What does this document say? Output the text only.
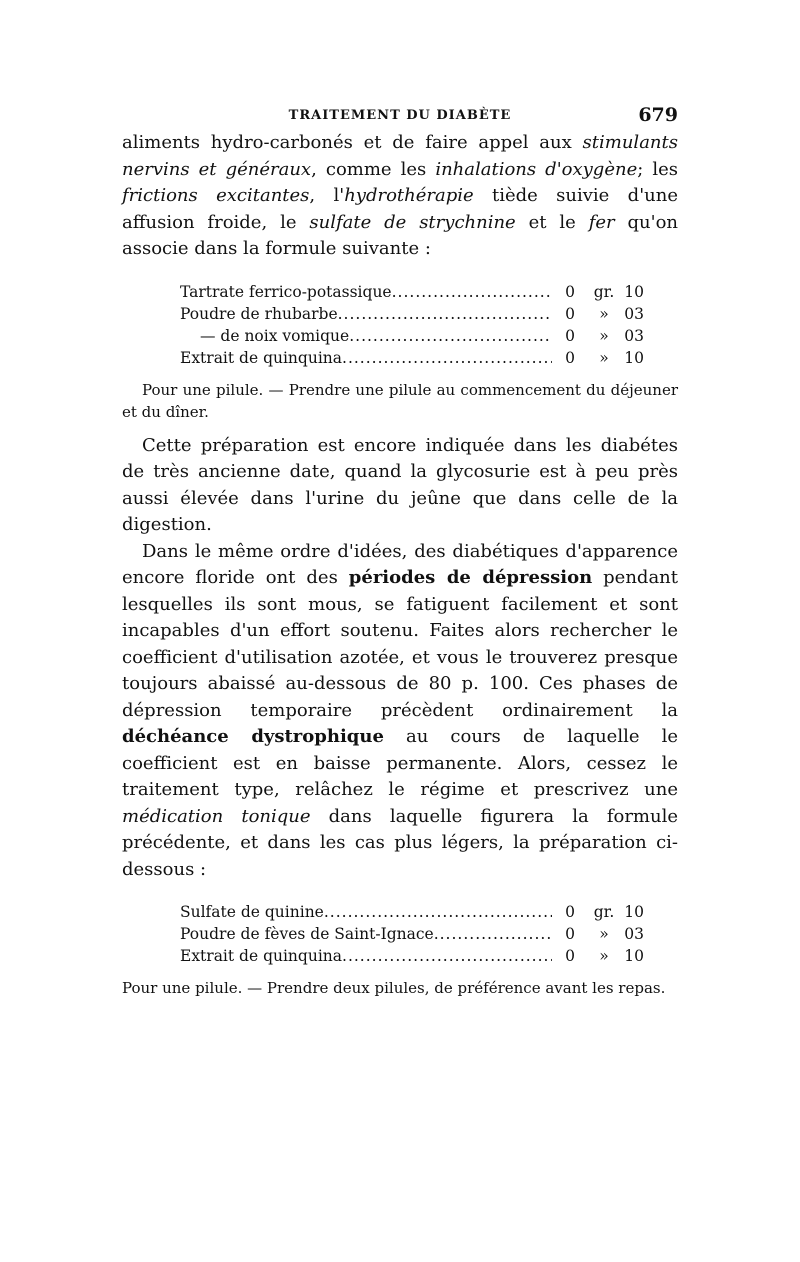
TRAITEMENT DU DIABÈTE	679

aliments hydro-carbonés et de faire appel aux stimulants nervins et généraux, comme les inhalations d'oxygène; les frictions excitantes, l'hydrothérapie tiède suivie d'une affusion froide, le sulfate de strychnine et le fer qu'on associe dans la formule suivante :

Tartrate ferrico-potassique .....	0	gr. 10
Poudre de rhubarbe .....	0	»	03
— de noix vomique .....	0	»	03
Extrait de quinquina .....	0	»	10

Pour une pilule. — Prendre une pilule au commencement du déjeuner et du dîner.

Cette préparation est encore indiquée dans les diabétes de très ancienne date, quand la glycosurie est à peu près aussi élevée dans l'urine du jeûne que dans celle de la digestion.

Dans le même ordre d'idées, des diabétiques d'apparence encore floride ont des périodes de dépression pendant lesquelles ils sont mous, se fatiguent facilement et sont incapables d'un effort soutenu. Faites alors rechercher le coefficient d'utilisation azotée, et vous le trouverez presque toujours abaissé au-dessous de 80 p. 100. Ces phases de dépression temporaire précèdent ordinairement la déchéance dystrophique au cours de laquelle le coefficient est en baisse permanente. Alors, cessez le traitement type, relâchez le régime et prescrivez une médication tonique dans laquelle figurera la formule précédente, et dans les cas plus légers, la préparation ci-dessous :

Sulfate de quinine .....	0	gr. 10
Poudre de fèves de Saint-Ignace .....	0	»	03
Extrait de quinquina .....	0	»	10

Pour une pilule. — Prendre deux pilules, de préférence avant les repas.
